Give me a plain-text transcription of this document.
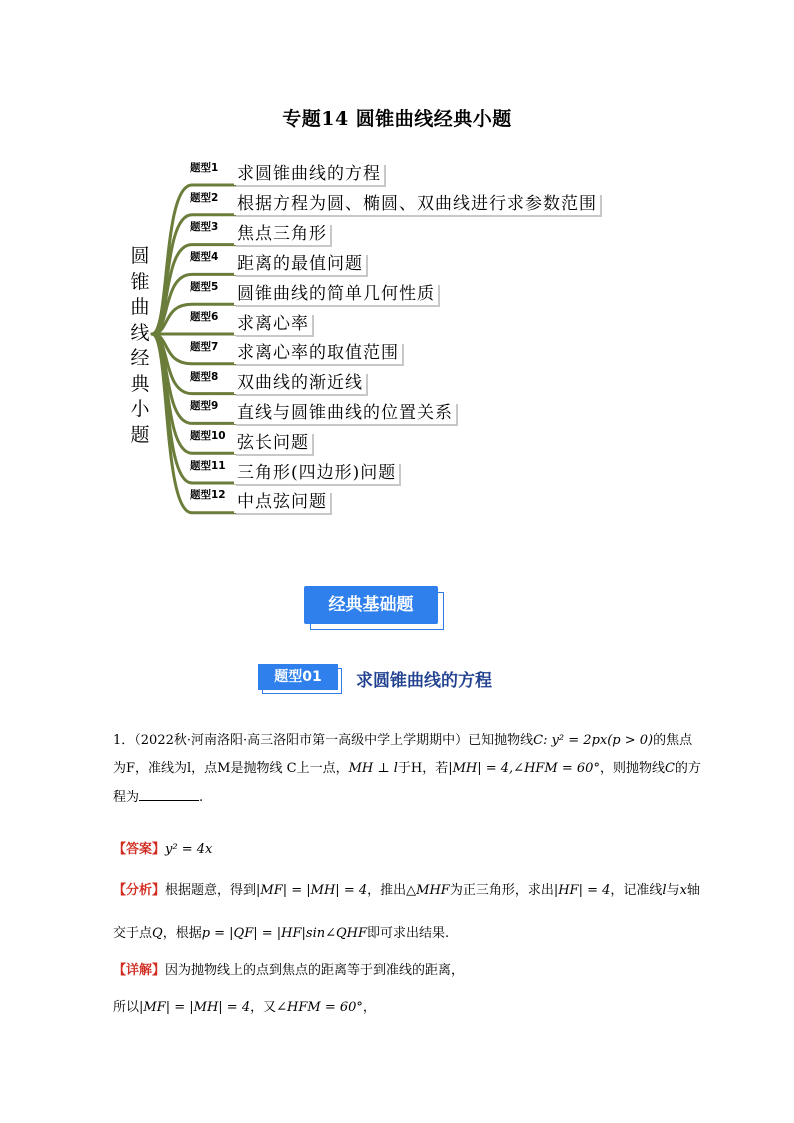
专题14 圆锥曲线经典小题
圆
锥
曲
线
经
典
小
题
题型1 求圆锥曲线的方程
题型2 根据方程为圆、椭圆、双曲线进行求参数范围
题型3 焦点三角形
题型4 距离的最值问题
题型5 圆锥曲线的简单几何性质
题型6 求离心率
题型7 求离心率的取值范围
题型8 双曲线的渐近线
题型9 直线与圆锥曲线的位置关系
题型10 弦长问题
题型11 三角形(四边形)问题
题型12 中点弦问题
经典基础题
题型01	求圆锥曲线的方程
1．（2022秋·河南洛阳·高三洛阳市第一高级中学上学期期中）已知抛物线C: y² = 2px(p > 0)的焦点
为F，准线为l，点M是抛物线 C上一点，MH ⊥ l于H，若|MH| = 4,∠HFM = 60°，则抛物线C的方
程为	.
【答案】y² = 4x
【分析】根据题意，得到|MF| = |MH| = 4，推出△MHF为正三角形，求出|HF| = 4，记准线l与x轴
交于点Q，根据p = |QF| = |HF|sin∠QHF即可求出结果.
【详解】因为抛物线上的点到焦点的距离等于到准线的距离，
所以|MF| = |MH| = 4，又∠HFM = 60°，
